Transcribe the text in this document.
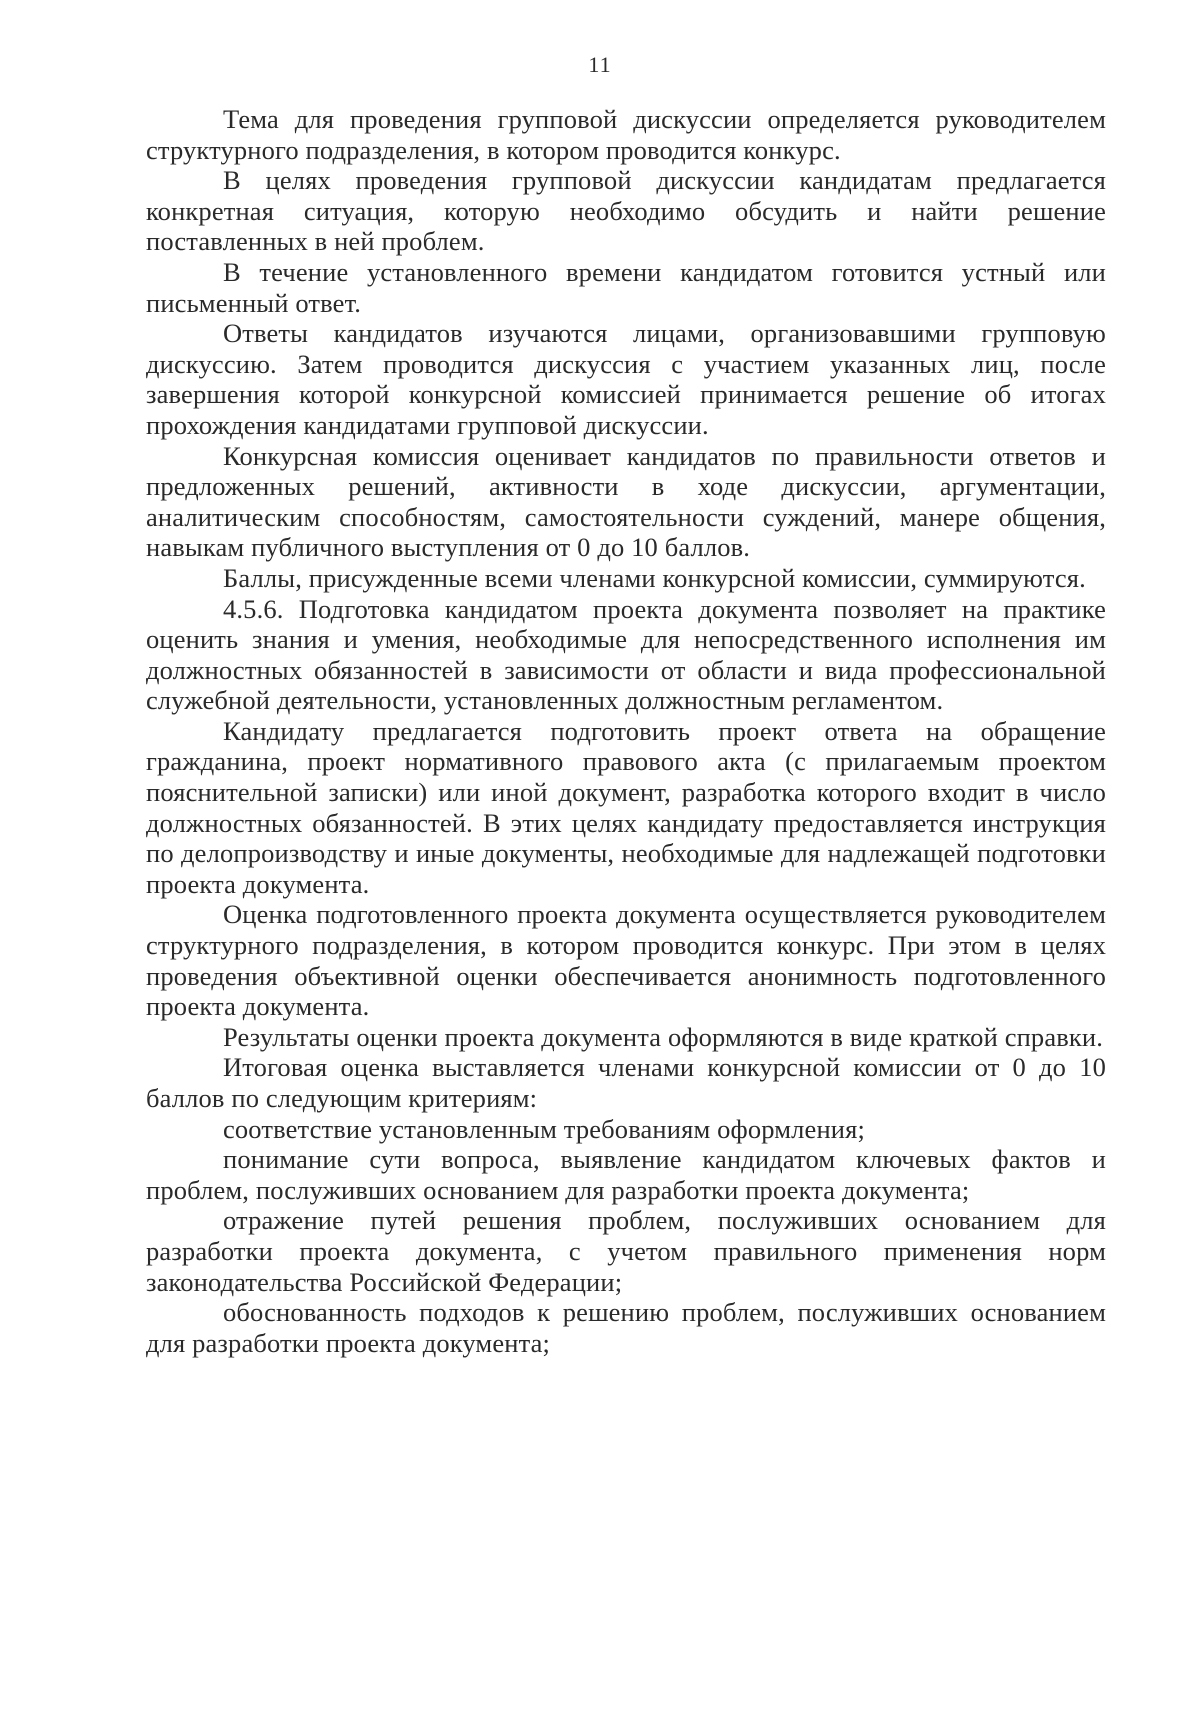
11

Тема для проведения групповой дискуссии определяется руководителем структурного подразделения, в котором проводится конкурс.

В целях проведения групповой дискуссии кандидатам предлагается конкретная ситуация, которую необходимо обсудить и найти решение поставленных в ней проблем.

В течение установленного времени кандидатом готовится устный или письменный ответ.

Ответы кандидатов изучаются лицами, организовавшими групповую дискуссию. Затем проводится дискуссия с участием указанных лиц, после завершения которой конкурсной комиссией принимается решение об итогах прохождения кандидатами групповой дискуссии.

Конкурсная комиссия оценивает кандидатов по правильности ответов и предложенных решений, активности в ходе дискуссии, аргументации, аналитическим способностям, самостоятельности суждений, манере общения, навыкам публичного выступления от 0 до 10 баллов.

Баллы, присужденные всеми членами конкурсной комиссии, суммируются.

4.5.6. Подготовка кандидатом проекта документа позволяет на практике оценить знания и умения, необходимые для непосредственного исполнения им должностных обязанностей в зависимости от области и вида профессиональной служебной деятельности, установленных должностным регламентом.

Кандидату предлагается подготовить проект ответа на обращение гражданина, проект нормативного правового акта (с прилагаемым проектом пояснительной записки) или иной документ, разработка которого входит в число должностных обязанностей. В этих целях кандидату предоставляется инструкция по делопроизводству и иные документы, необходимые для надлежащей подготовки проекта документа.

Оценка подготовленного проекта документа осуществляется руководителем структурного подразделения, в котором проводится конкурс. При этом в целях проведения объективной оценки обеспечивается анонимность подготовленного проекта документа.

Результаты оценки проекта документа оформляются в виде краткой справки.

Итоговая оценка выставляется членами конкурсной комиссии от 0 до 10 баллов по следующим критериям:

соответствие установленным требованиям оформления;

понимание сути вопроса, выявление кандидатом ключевых фактов и проблем, послуживших основанием для разработки проекта документа;

отражение путей решения проблем, послуживших основанием для разработки проекта документа, с учетом правильного применения норм законодательства Российской Федерации;

обоснованность подходов к решению проблем, послуживших основанием для разработки проекта документа;
